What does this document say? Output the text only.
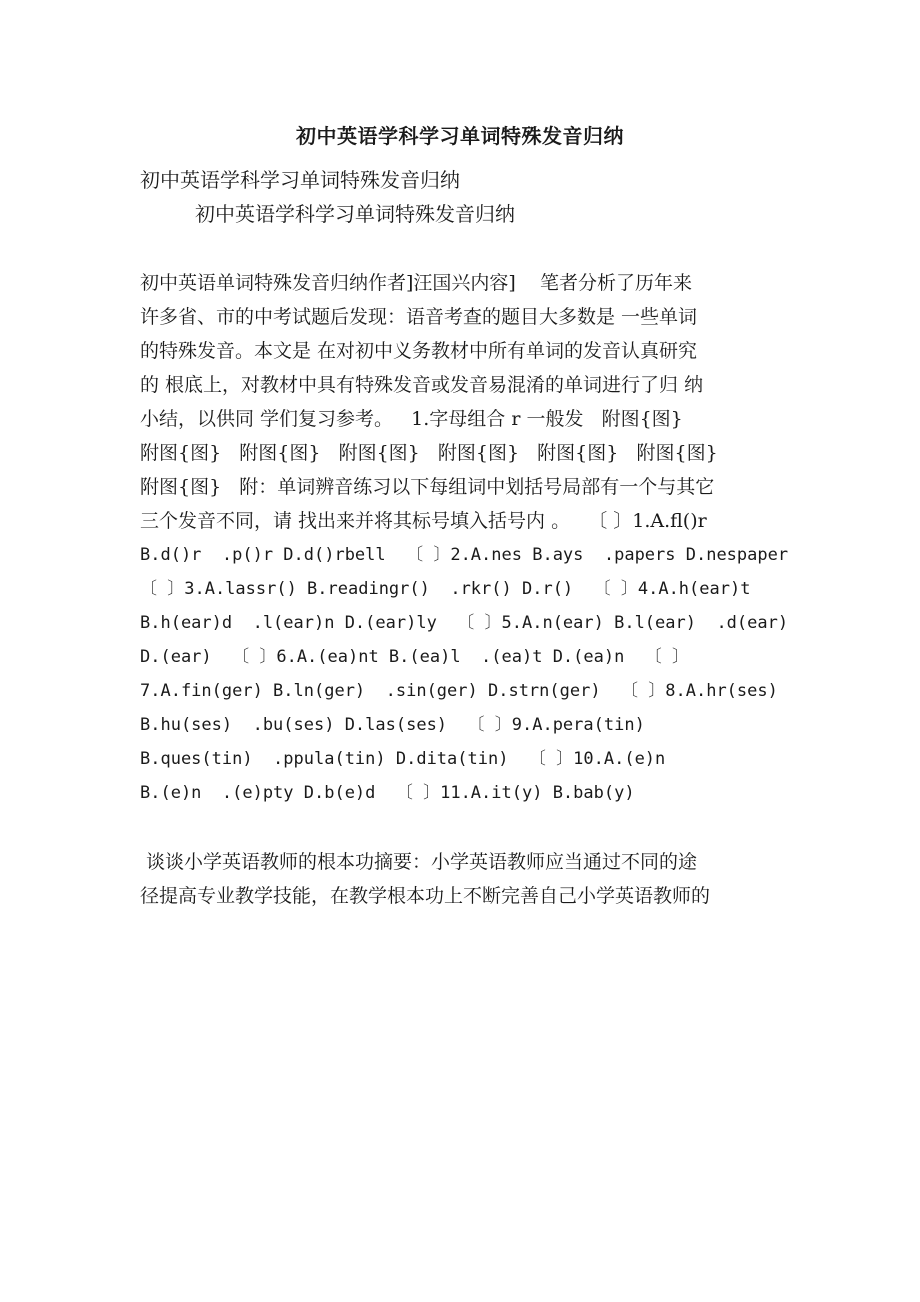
初中英语学科学习单词特殊发音归纳
初中英语学科学习单词特殊发音归纳
初中英语学科学习单词特殊发音归纳
初中英语单词特殊发音归纳作者]汪国兴内容]    笔者分析了历年来
许多省、市的中考试题后发现：语音考查的题目大多数是 一些单词
的特殊发音。本文是 在对初中义务教材中所有单词的发音认真研究
的 根底上，对教材中具有特殊发音或发音易混淆的单词进行了归 纳
小结，以供同 学们复习参考。   1.字母组合 r 一般发   附图{图}
附图{图}   附图{图}   附图{图}   附图{图}   附图{图}   附图{图}
附图{图}   附：单词辨音练习以下每组词中划括号局部有一个与其它
三个发音不同，请 找出来并将其标号填入括号内 。   〔 〕1.A.fl()r
B.d()r  .p()r D.d()rbell  〔 〕2.A.nes B.ays  .papers D.nespaper
〔 〕3.A.lassr() B.readingr()  .rkr() D.r()  〔 〕4.A.h(ear)t
B.h(ear)d  .l(ear)n D.(ear)ly  〔 〕5.A.n(ear) B.l(ear)  .d(ear)
D.(ear)  〔 〕6.A.(ea)nt B.(ea)l  .(ea)t D.(ea)n  〔 〕
7.A.fin(ger) B.ln(ger)  .sin(ger) D.strn(ger)  〔 〕8.A.hr(ses)
B.hu(ses)  .bu(ses) D.las(ses)  〔 〕9.A.pera(tin)
B.ques(tin)  .ppula(tin) D.dita(tin)  〔 〕10.A.(e)n
B.(e)n  .(e)pty D.b(e)d  〔 〕11.A.it(y) B.bab(y)
谈谈小学英语教师的根本功摘要：小学英语教师应当通过不同的途
径提高专业教学技能，在教学根本功上不断完善自己小学英语教师的
